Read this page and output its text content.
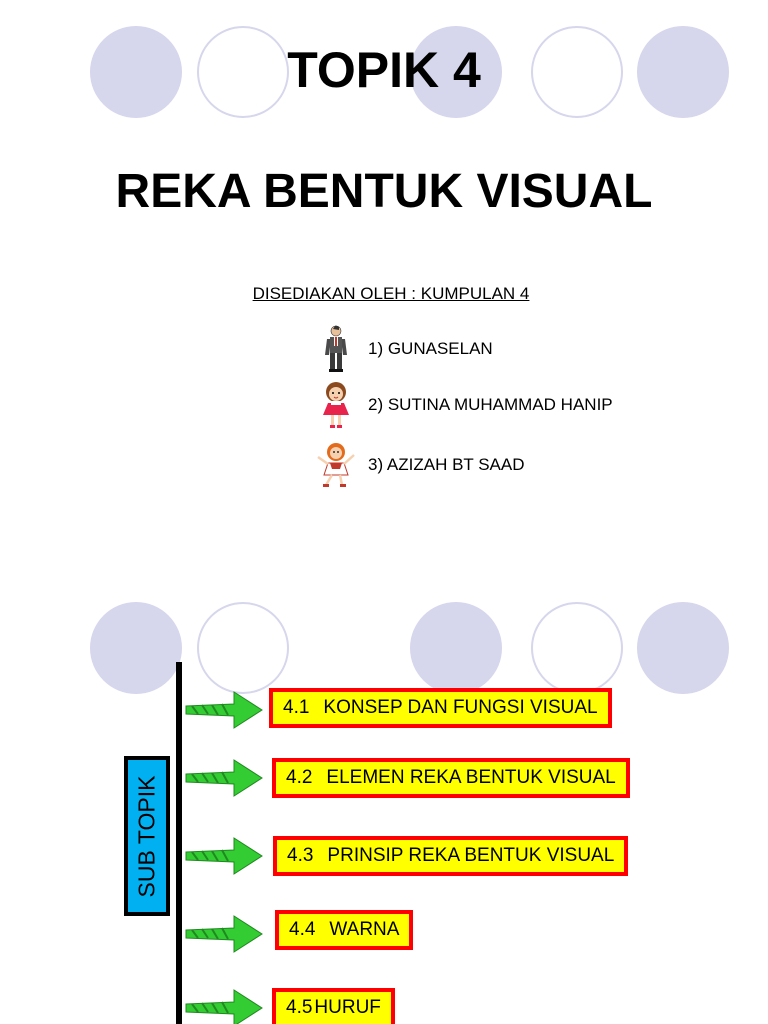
TOPIK 4
REKA BENTUK VISUAL
DISEDIAKAN OLEH : KUMPULAN 4
1) GUNASELAN
2) SUTINA MUHAMMAD HANIP
3) AZIZAH BT SAAD
SUB TOPIK
4.1 KONSEP DAN FUNGSI VISUAL
4.2 ELEMEN REKA BENTUK VISUAL
4.3 PRINSIP REKA BENTUK VISUAL
4.4 WARNA
4.5 HURUF
